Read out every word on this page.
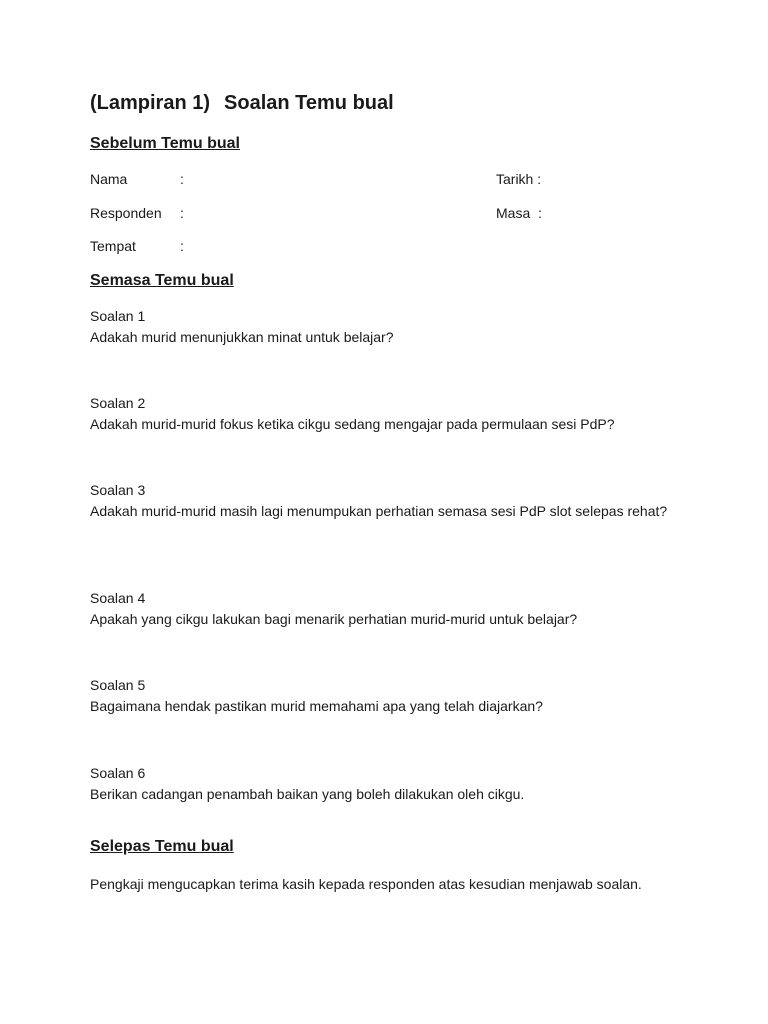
(Lampiran 1) Soalan Temu bual
Sebelum Temu bual
Nama	:
Responden :
Tempat	:
Tarikh :
Masa  :
Semasa Temu bual
Soalan 1
Adakah murid menunjukkan minat untuk belajar?
Soalan 2
Adakah murid-murid fokus ketika cikgu sedang mengajar pada permulaan sesi PdP?
Soalan 3
Adakah murid-murid masih lagi menumpukan perhatian semasa sesi PdP slot selepas rehat?
Soalan 4
Apakah yang cikgu lakukan bagi menarik perhatian murid-murid untuk belajar?
Soalan 5
Bagaimana hendak pastikan murid memahami apa yang telah diajarkan?
Soalan 6
Berikan cadangan penambah baikan yang boleh dilakukan oleh cikgu.
Selepas Temu bual
Pengkaji mengucapkan terima kasih kepada responden atas kesudian menjawab soalan.
